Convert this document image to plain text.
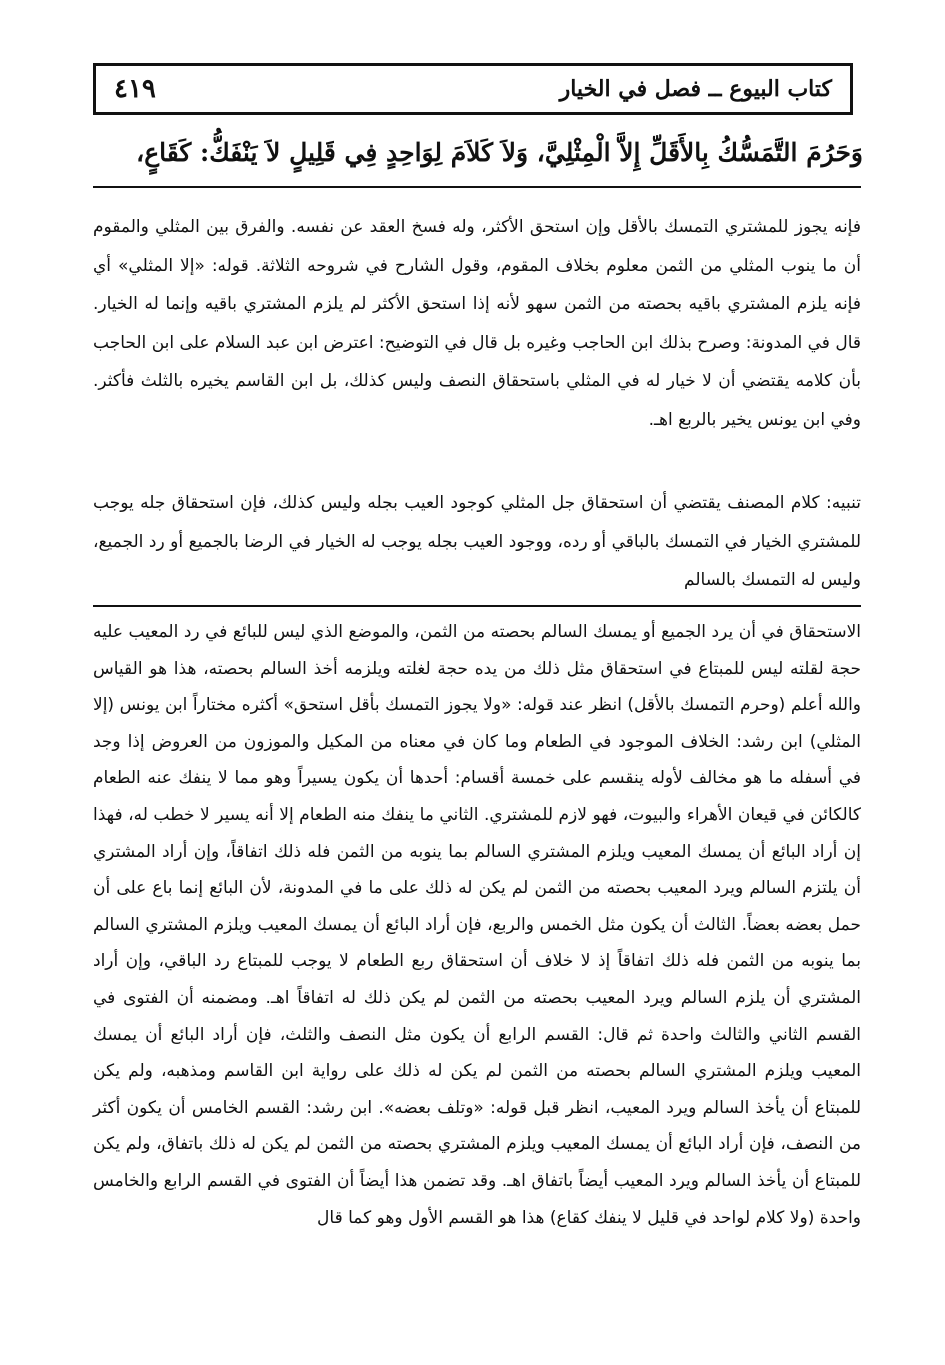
٤١٩	كتاب البيوع ــ فصل في الخيار
وَحَرُمَ التَّمَسُّكُ بِالأَقَلِّ إِلاَّ الْمِثْلِيَّ، وَلاَ كَلاَمَ لِوَاحِدٍ فِي قَلِيلٍ لاَ يَنْفَكُّ: كَقَاعٍ،

فإنه يجوز للمشتري التمسك بالأقل وإن استحق الأكثر، وله فسخ العقد عن نفسه. والفرق بين المثلي والمقوم أن ما ينوب المثلي من الثمن معلوم بخلاف المقوم، وقول الشارح في شروحه الثلاثة. قوله: «إلا المثلي» أي فإنه يلزم المشتري باقيه بحصته من الثمن سهو لأنه إذا استحق الأكثر لم يلزم المشتري باقيه وإنما له الخيار. قال في المدونة: وصرح بذلك ابن الحاجب وغيره بل قال في التوضيح: اعترض ابن عبد السلام على ابن الحاجب بأن كلامه يقتضي أن لا خيار له في المثلي باستحقاق النصف وليس كذلك، بل ابن القاسم يخيره بالثلث فأكثر. وفي ابن يونس يخير بالربع اهـ.

تنبيه: كلام المصنف يقتضي أن استحقاق جل المثلي كوجود العيب بجله وليس كذلك، فإن استحقاق جله يوجب للمشتري الخيار في التمسك بالباقي أو رده، ووجود العيب بجله يوجب له الخيار في الرضا بالجميع أو رد الجميع، وليس له التمسك بالسالم

الاستحقاق في أن يرد الجميع أو يمسك السالم بحصته من الثمن، والموضع الذي ليس للبائع في رد المعيب عليه حجة لقلته ليس للمبتاع في استحقاق مثل ذلك من يده حجة لغلته ويلزمه أخذ السالم بحصته، هذا هو القياس والله أعلم (وحرم التمسك بالأقل) انظر عند قوله: «ولا يجوز التمسك بأقل استحق» أكثره مختاراً ابن يونس (إلا المثلي) ابن رشد: الخلاف الموجود في الطعام وما كان في معناه من المكيل والموزون من العروض إذا وجد في أسفله ما هو مخالف لأوله ينقسم على خمسة أقسام: أحدها أن يكون يسيراً وهو مما لا ينفك عنه الطعام كالكائن في قيعان الأهراء والبيوت، فهو لازم للمشتري. الثاني ما ينفك منه الطعام إلا أنه يسير لا خطب له، فهذا إن أراد البائع أن يمسك المعيب ويلزم المشتري السالم بما ينوبه من الثمن فله ذلك اتفاقاً، وإن أراد المشتري أن يلتزم السالم ويرد المعيب بحصته من الثمن لم يكن له ذلك على ما في المدونة، لأن البائع إنما باع على أن حمل بعضه بعضاً. الثالث أن يكون مثل الخمس والربع، فإن أراد البائع أن يمسك المعيب ويلزم المشتري السالم بما ينوبه من الثمن فله ذلك اتفاقاً إذ لا خلاف أن استحقاق ربع الطعام لا يوجب للمبتاع رد الباقي، وإن أراد المشتري أن يلزم السالم ويرد المعيب بحصته من الثمن لم يكن ذلك له اتفاقاً اهـ. ومضمنه أن الفتوى في القسم الثاني والثالث واحدة ثم قال: القسم الرابع أن يكون مثل النصف والثلث، فإن أراد البائع أن يمسك المعيب ويلزم المشتري السالم بحصته من الثمن لم يكن له ذلك على رواية ابن القاسم ومذهبه، ولم يكن للمبتاع أن يأخذ السالم ويرد المعيب، انظر قبل قوله: «وتلف بعضه». ابن رشد: القسم الخامس أن يكون أكثر من النصف، فإن أراد البائع أن يمسك المعيب ويلزم المشتري بحصته من الثمن لم يكن له ذلك باتفاق، ولم يكن للمبتاع أن يأخذ السالم ويرد المعيب أيضاً باتفاق اهـ. وقد تضمن هذا أيضاً أن الفتوى في القسم الرابع والخامس واحدة (ولا كلام لواحد في قليل لا ينفك كقاع) هذا هو القسم الأول وهو كما قال
